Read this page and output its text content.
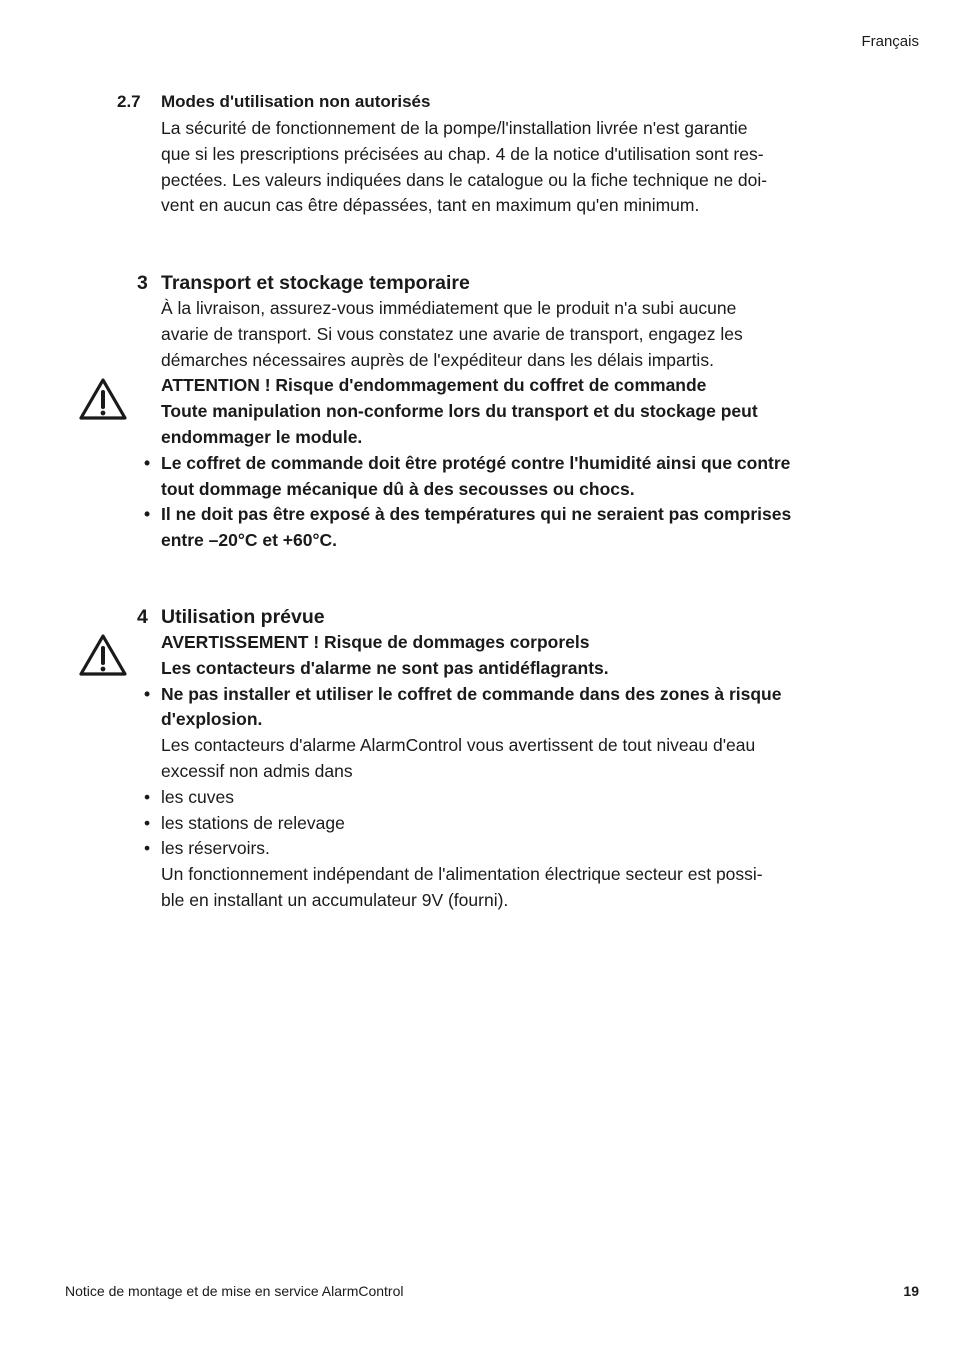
Français
2.7 Modes d'utilisation non autorisés

La sécurité de fonctionnement de la pompe/l'installation livrée n'est garantie

que si les prescriptions précisées au chap. 4 de la notice d'utilisation sont res-

pectées. Les valeurs indiquées dans le catalogue ou la fiche technique ne doi-

vent en aucun cas être dépassées, tant en maximum qu'en minimum.

3 Transport et stockage temporaire

À la livraison, assurez-vous immédiatement que le produit n'a subi aucune

avarie de transport. Si vous constatez une avarie de transport, engagez les

démarches nécessaires auprès de l'expéditeur dans les délais impartis.

ATTENTION ! Risque d'endommagement du coffret de commande

Toute manipulation non-conforme lors du transport et du stockage peut

endommager le module.

• Le coffret de commande doit être protégé contre l'humidité ainsi que contre

tout dommage mécanique dû à des secousses ou chocs.

• Il ne doit pas être exposé à des températures qui ne seraient pas comprises

entre –20°C et +60°C.

4 Utilisation prévue

AVERTISSEMENT ! Risque de dommages corporels

Les contacteurs d'alarme ne sont pas antidéflagrants.

• Ne pas installer et utiliser le coffret de commande dans des zones à risque

d'explosion.

Les contacteurs d'alarme AlarmControl vous avertissent de tout niveau d'eau

excessif non admis dans

• les cuves

• les stations de relevage

• les réservoirs.

Un fonctionnement indépendant de l'alimentation électrique secteur est possi-

ble en installant un accumulateur 9V (fourni).

Notice de montage et de mise en service AlarmControl	19
